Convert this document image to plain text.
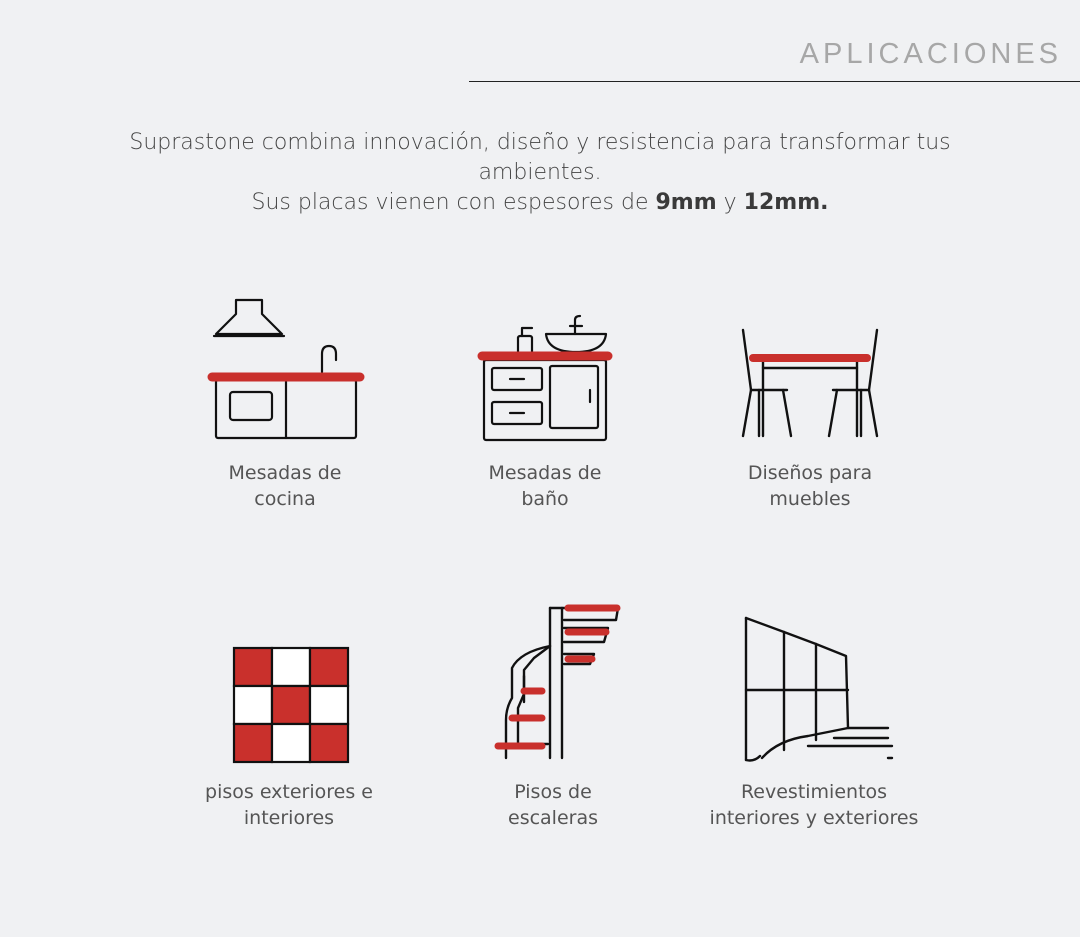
APLICACIONES
Suprastone combina innovación, diseño y resistencia para transformar tus ambientes.
Sus placas vienen con espesores de 9mm y 12mm.
Mesadas de
cocina
Mesadas de
baño
Diseños para
muebles
pisos exteriores e
interiores
Pisos de
escaleras
Revestimientos
interiores y exteriores
